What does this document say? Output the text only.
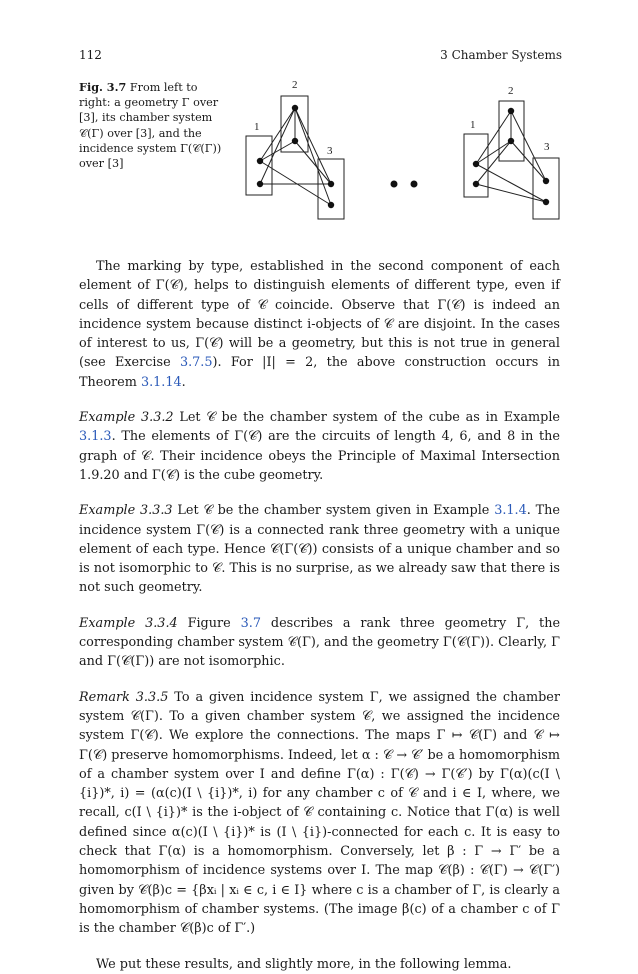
112	3 Chamber Systems
Fig. 3.7 From left to right: a geometry Γ over [3], its chamber system 𝒞(Γ) over [3], and the incidence system Γ(𝒞(Γ)) over [3]
1
2
3
1
2
3

The marking by type, established in the second component of each element of Γ(𝒞), helps to distinguish elements of different type, even if cells of different type of 𝒞 coincide. Observe that Γ(𝒞) is indeed an incidence system because distinct i-objects of 𝒞 are disjoint. In the cases of interest to us, Γ(𝒞) will be a geometry, but this is not true in general (see Exercise 3.7.5). For |I| = 2, the above construction occurs in Theorem 3.1.14.

Example 3.3.2 Let 𝒞 be the chamber system of the cube as in Example 3.1.3. The elements of Γ(𝒞) are the circuits of length 4, 6, and 8 in the graph of 𝒞. Their incidence obeys the Principle of Maximal Intersection 1.9.20 and Γ(𝒞) is the cube geometry.

Example 3.3.3 Let 𝒞 be the chamber system given in Example 3.1.4. The incidence system Γ(𝒞) is a connected rank three geometry with a unique element of each type. Hence 𝒞(Γ(𝒞)) consists of a unique chamber and so is not isomorphic to 𝒞. This is no surprise, as we already saw that there is not such geometry.

Example 3.3.4 Figure 3.7 describes a rank three geometry Γ, the corresponding chamber system 𝒞(Γ), and the geometry Γ(𝒞(Γ)). Clearly, Γ and Γ(𝒞(Γ)) are not isomorphic.

Remark 3.3.5 To a given incidence system Γ, we assigned the chamber system 𝒞(Γ). To a given chamber system 𝒞, we assigned the incidence system Γ(𝒞). We explore the connections. The maps Γ ↦ 𝒞(Γ) and 𝒞 ↦ Γ(𝒞) preserve homomorphisms. Indeed, let α : 𝒞 → 𝒞′ be a homomorphism of a chamber system over I and define Γ(α) : Γ(𝒞) → Γ(𝒞′) by Γ(α)(c(I \ {i})*, i) = (α(c)(I \ {i})*, i) for any chamber c of 𝒞 and i ∈ I, where, we recall, c(I \ {i})* is the i-object of 𝒞 containing c. Notice that Γ(α) is well defined since α(c)(I \ {i})* is (I \ {i})-connected for each c. It is easy to check that Γ(α) is a homomorphism. Conversely, let β : Γ → Γ′ be a homomorphism of incidence systems over I. The map 𝒞(β) : 𝒞(Γ) → 𝒞(Γ′) given by 𝒞(β)c = {βxᵢ | xᵢ ∈ c, i ∈ I} where c is a chamber of Γ, is clearly a homomorphism of chamber systems. (The image β(c) of a chamber c of Γ is the chamber 𝒞(β)c of Γ′.)

We put these results, and slightly more, in the following lemma.
